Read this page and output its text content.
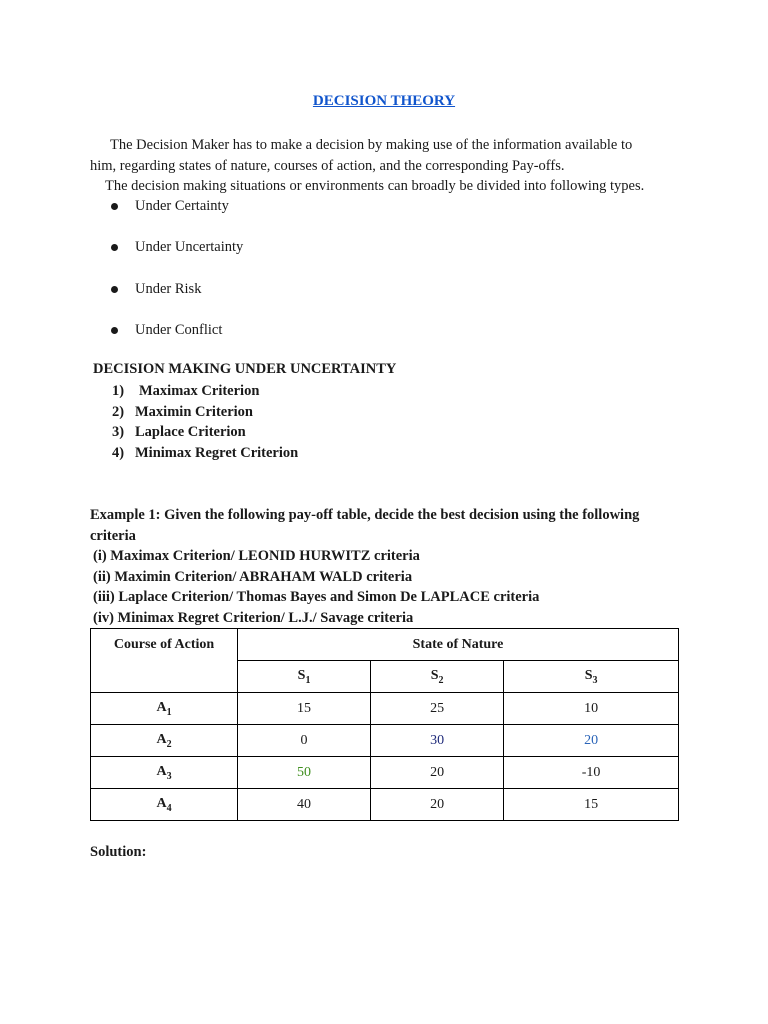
DECISION THEORY
The Decision Maker has to make a decision by making use of the information available to
him, regarding states of nature, courses of action, and the corresponding Pay-offs.
The decision making situations or environments can broadly be divided into following types.
Under Certainty
Under Uncertainty
Under Risk
Under Conflict
DECISION MAKING UNDER UNCERTAINTY
1) Maximax Criterion
2) Maximin Criterion
3) Laplace Criterion
4) Minimax Regret Criterion
Example 1: Given the following pay-off table, decide the best decision using the following
criteria
(i) Maximax Criterion/ LEONID HURWITZ criteria
(ii) Maximin Criterion/ ABRAHAM WALD criteria
(iii) Laplace Criterion/ Thomas Bayes and Simon De LAPLACE criteria
(iv) Minimax Regret Criterion/ L.J./ Savage criteria
Course of Action	State of Nature		
	$S_1$	$S_2$	$S_3$
$A_1$	15	25	10
$A_2$	0	30	20
$A_3$	50	20	-10
$A_4$	40	20	15
Solution:
